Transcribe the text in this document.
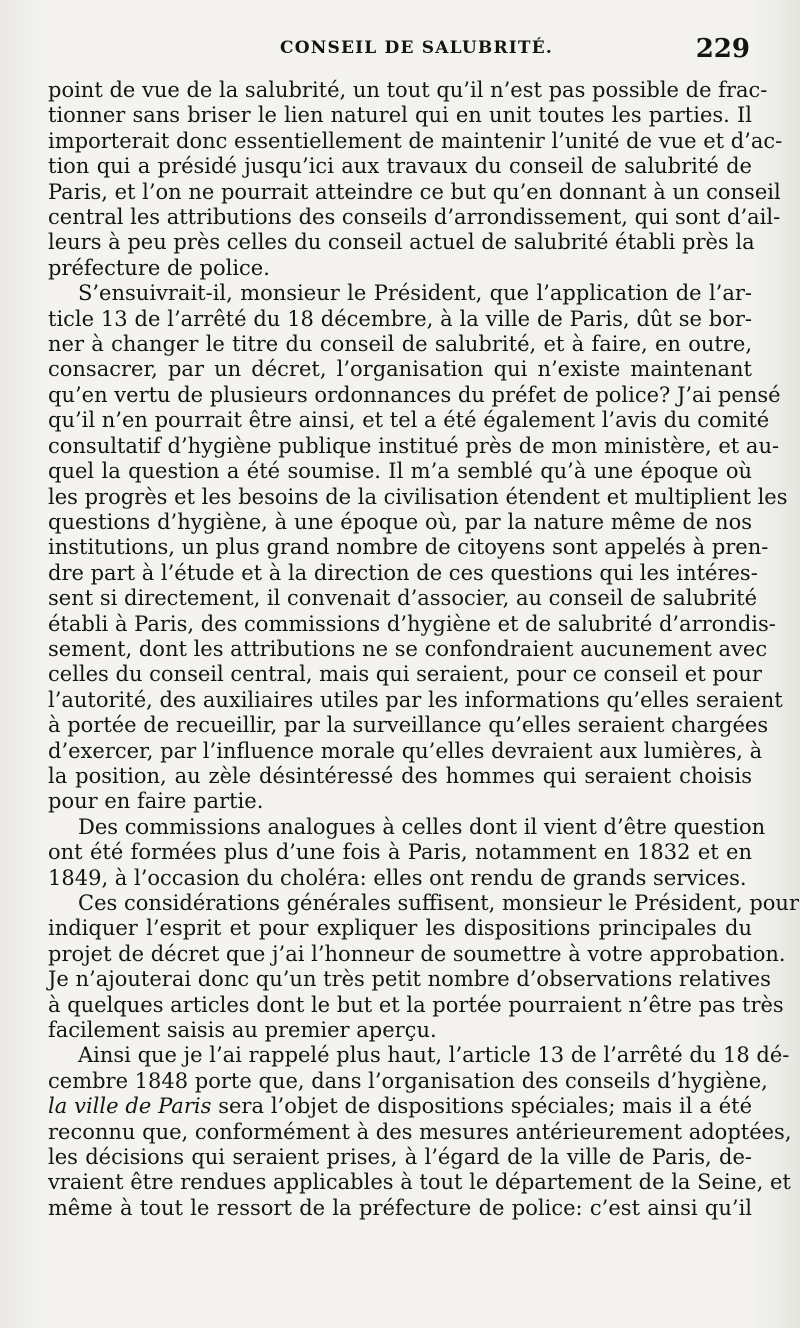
CONSEIL DE SALUBRITÉ.	229
point de vue de la salubrité, un tout qu’il n’est pas possible de frac-
tionner sans briser le lien naturel qui en unit toutes les parties. Il
importerait donc essentiellement de maintenir l’unité de vue et d’ac-
tion qui a présidé jusqu’ici aux travaux du conseil de salubrité de
Paris, et l’on ne pourrait atteindre ce but qu’en donnant à un conseil
central les attributions des conseils d’arrondissement, qui sont d’ail-
leurs à peu près celles du conseil actuel de salubrité établi près la
préfecture de police.
S’ensuivrait-il, monsieur le Président, que l’application de l’ar-
ticle 13 de l’arrêté du 18 décembre, à la ville de Paris, dût se bor-
ner à changer le titre du conseil de salubrité, et à faire, en outre,
consacrer, par un décret, l’organisation qui n’existe maintenant
qu’en vertu de plusieurs ordonnances du préfet de police? J’ai pensé
qu’il n’en pourrait être ainsi, et tel a été également l’avis du comité
consultatif d’hygiène publique institué près de mon ministère, et au-
quel la question a été soumise. Il m’a semblé qu’à une époque où
les progrès et les besoins de la civilisation étendent et multiplient les
questions d’hygiène, à une époque où, par la nature même de nos
institutions, un plus grand nombre de citoyens sont appelés à pren-
dre part à l’étude et à la direction de ces questions qui les intéres-
sent si directement, il convenait d’associer, au conseil de salubrité
établi à Paris, des commissions d’hygiène et de salubrité d’arrondis-
sement, dont les attributions ne se confondraient aucunement avec
celles du conseil central, mais qui seraient, pour ce conseil et pour
l’autorité, des auxiliaires utiles par les informations qu’elles seraient
à portée de recueillir, par la surveillance qu’elles seraient chargées
d’exercer, par l’influence morale qu’elles devraient aux lumières, à
la position, au zèle désintéressé des hommes qui seraient choisis
pour en faire partie.
Des commissions analogues à celles dont il vient d’être question
ont été formées plus d’une fois à Paris, notamment en 1832 et en
1849, à l’occasion du choléra: elles ont rendu de grands services.
Ces considérations générales suffisent, monsieur le Président, pour
indiquer l’esprit et pour expliquer les dispositions principales du
projet de décret que j’ai l’honneur de soumettre à votre approbation.
Je n’ajouterai donc qu’un très petit nombre d’observations relatives
à quelques articles dont le but et la portée pourraient n’être pas très
facilement saisis au premier aperçu.
Ainsi que je l’ai rappelé plus haut, l’article 13 de l’arrêté du 18 dé-
cembre 1848 porte que, dans l’organisation des conseils d’hygiène,
la ville de Paris sera l’objet de dispositions spéciales; mais il a été
reconnu que, conformément à des mesures antérieurement adoptées,
les décisions qui seraient prises, à l’égard de la ville de Paris, de-
vraient être rendues applicables à tout le département de la Seine, et
même à tout le ressort de la préfecture de police: c’est ainsi qu’il
